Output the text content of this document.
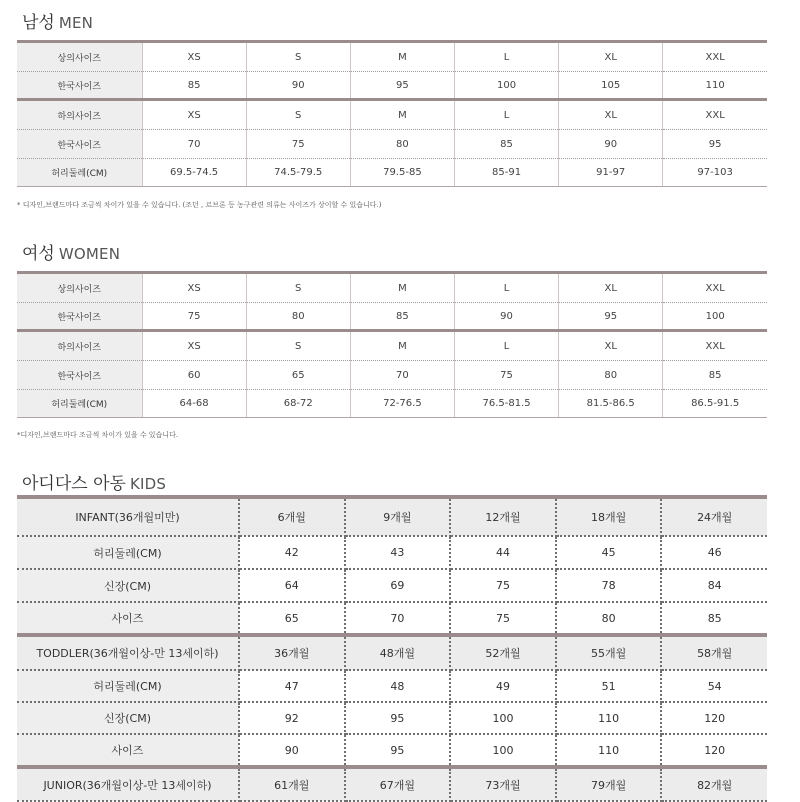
남성 MEN
상의사이즈	XS	S	M	L	XL	XXL
한국사이즈	85	90	95	100	105	110
하의사이즈	XS	S	M	L	XL	XXL
한국사이즈	70	75	80	85	90	95
허리둘레(CM)	69.5-74.5	74.5-79.5	79.5-85	85-91	91-97	97-103
* 디자인,브랜드마다 조금씩 차이가 있을 수 있습니다. (조던 , 르브론 등 농구관련 의류는 사이즈가 상이할 수 있습니다.)
여성 WOMEN
상의사이즈	XS	S	M	L	XL	XXL
한국사이즈	75	80	85	90	95	100
하의사이즈	XS	S	M	L	XL	XXL
한국사이즈	60	65	70	75	80	85
허리둘레(CM)	64-68	68-72	72-76.5	76.5-81.5	81.5-86.5	86.5-91.5
*디자인,브랜드마다 조금씩 차이가 있을 수 있습니다.
아디다스 아동 KIDS
INFANT(36개월미만)	6개월	9개월	12개월	18개월	24개월
허리둘레(CM)	42	43	44	45	46
신장(CM)	64	69	75	78	84
사이즈	65	70	75	80	85
TODDLER(36개월이상-만 13세이하)	36개월	48개월	52개월	55개월	58개월
허리둘레(CM)	47	48	49	51	54
신장(CM)	92	95	100	110	120
사이즈	90	95	100	110	120
JUNIOR(36개월이상-만 13세이하)	61개월	67개월	73개월	79개월	82개월
